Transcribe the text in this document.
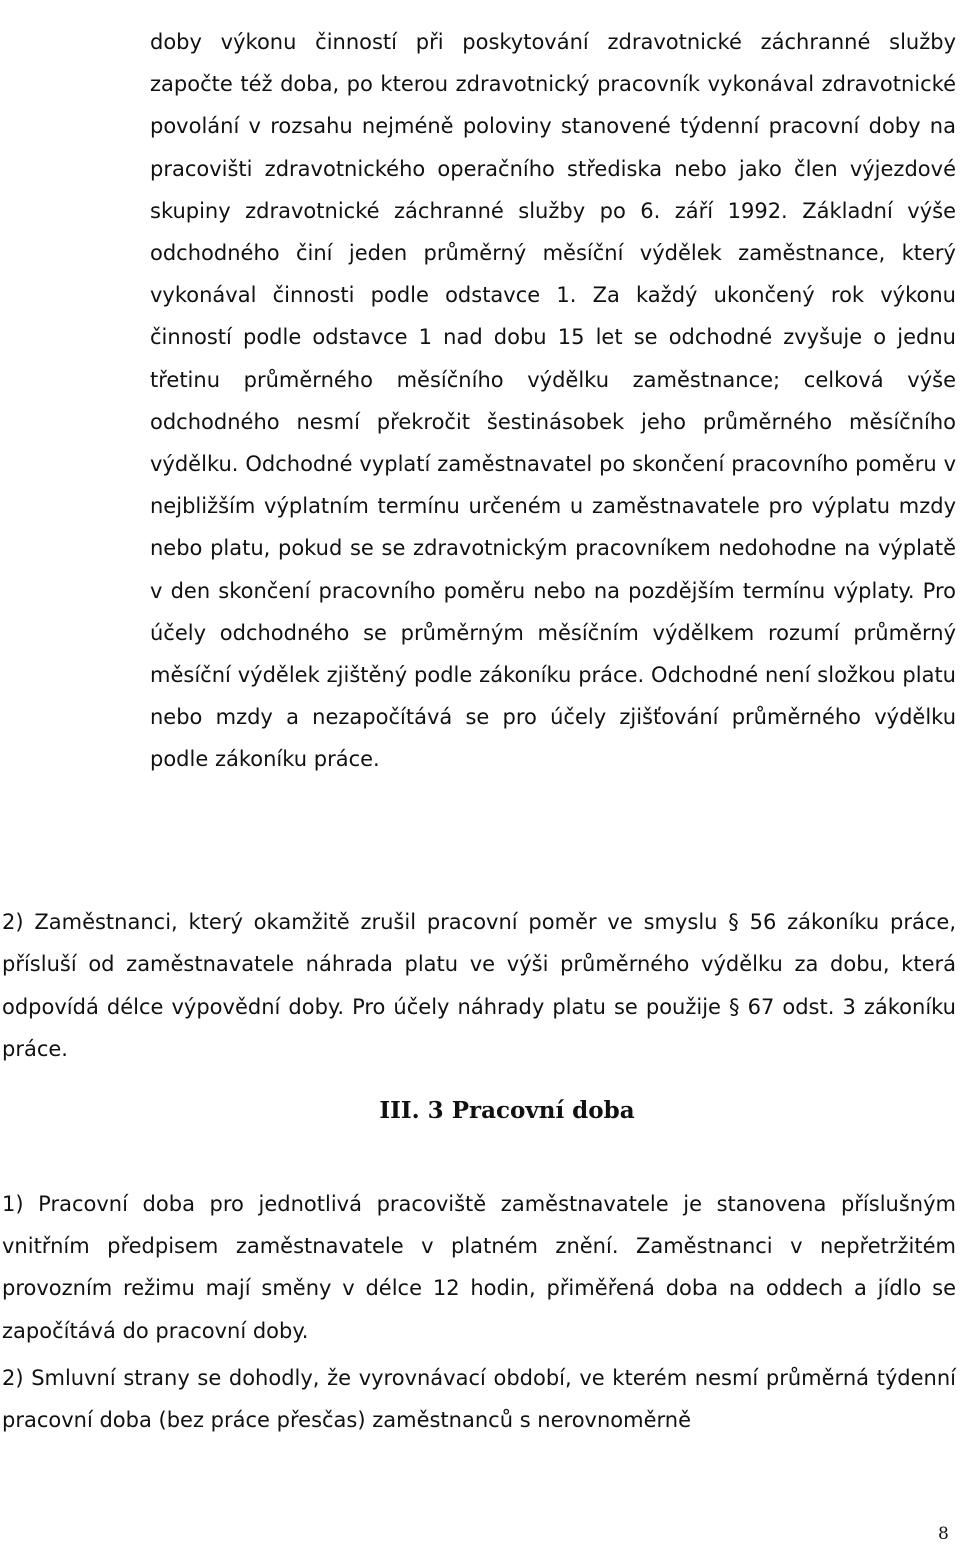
doby výkonu činností při poskytování zdravotnické záchranné služby započte též doba, po kterou zdravotnický pracovník vykonával zdravotnické povolání v rozsahu nejméně poloviny stanovené týdenní pracovní doby na pracovišti zdravotnického operačního střediska nebo jako člen výjezdové skupiny zdravotnické záchranné služby po 6. září 1992. Základní výše odchodného činí jeden průměrný měsíční výdělek zaměstnance, který vykonával činnosti podle odstavce 1. Za každý ukončený rok výkonu činností podle odstavce 1 nad dobu 15 let se odchodné zvyšuje o jednu třetinu průměrného měsíčního výdělku zaměstnance; celková výše odchodného nesmí překročit šestinásobek jeho průměrného měsíčního výdělku. Odchodné vyplatí zaměstnavatel po skončení pracovního poměru v nejbližším výplatním termínu určeném u zaměstnavatele pro výplatu mzdy nebo platu, pokud se se zdravotnickým pracovníkem nedohodne na výplatě v den skončení pracovního poměru nebo na pozdějším termínu výplaty. Pro účely odchodného se průměrným měsíčním výdělkem rozumí průměrný měsíční výdělek zjištěný podle zákoníku práce. Odchodné není složkou platu nebo mzdy a nezapočítává se pro účely zjišťování průměrného výdělku podle zákoníku práce.

2) Zaměstnanci, který okamžitě zrušil pracovní poměr ve smyslu § 56 zákoníku práce, přísluší od zaměstnavatele náhrada platu ve výši průměrného výdělku za dobu, která odpovídá délce výpovědní doby. Pro účely náhrady platu se použije § 67 odst. 3 zákoníku práce.

III. 3 Pracovní doba

1) Pracovní doba pro jednotlivá pracoviště zaměstnavatele je stanovena příslušným vnitřním předpisem zaměstnavatele v platném znění. Zaměstnanci v nepřetržitém provozním režimu mají směny v délce 12 hodin, přiměřená doba na oddech a jídlo se započítává do pracovní doby.

2) Smluvní strany se dohodly, že vyrovnávací období, ve kterém nesmí průměrná týdenní pracovní doba (bez práce přesčas) zaměstnanců s nerovnoměrně

8
